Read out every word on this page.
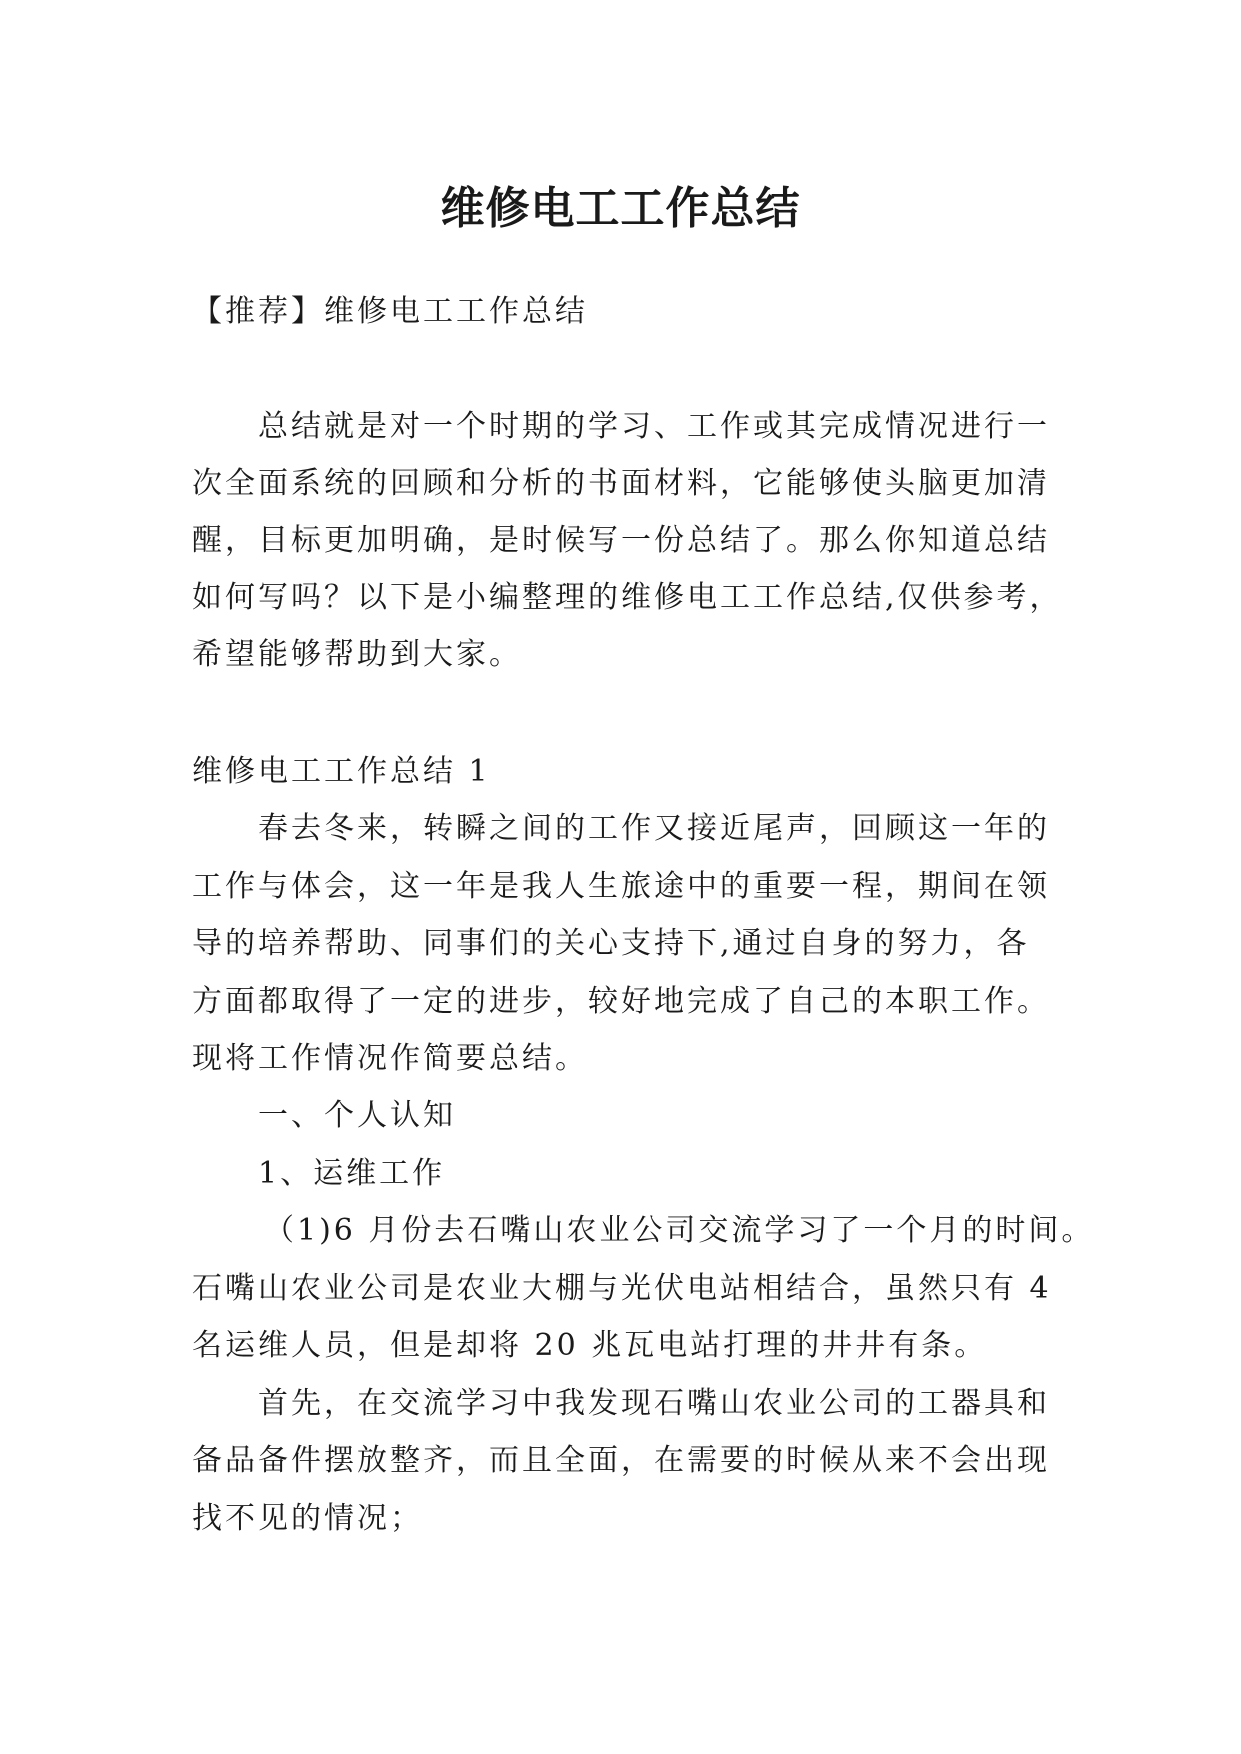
维修电工工作总结

【推荐】维修电工工作总结

总结就是对一个时期的学习、工作或其完成情况进行一

次全面系统的回顾和分析的书面材料，它能够使头脑更加清

醒，目标更加明确，是时候写一份总结了。那么你知道总结

如何写吗？以下是小编整理的维修电工工作总结,仅供参考，

希望能够帮助到大家。

维修电工工作总结 1

春去冬来，转瞬之间的工作又接近尾声，回顾这一年的

工作与体会，这一年是我人生旅途中的重要一程，期间在领

导的培养帮助、同事们的关心支持下,通过自身的努力，各

方面都取得了一定的进步，较好地完成了自己的本职工作。

现将工作情况作简要总结。

一、个人认知

1、运维工作

（1)6 月份去石嘴山农业公司交流学习了一个月的时间。

石嘴山农业公司是农业大棚与光伏电站相结合，虽然只有 4

名运维人员，但是却将 20 兆瓦电站打理的井井有条。

首先，在交流学习中我发现石嘴山农业公司的工器具和

备品备件摆放整齐，而且全面，在需要的时候从来不会出现

找不见的情况；
